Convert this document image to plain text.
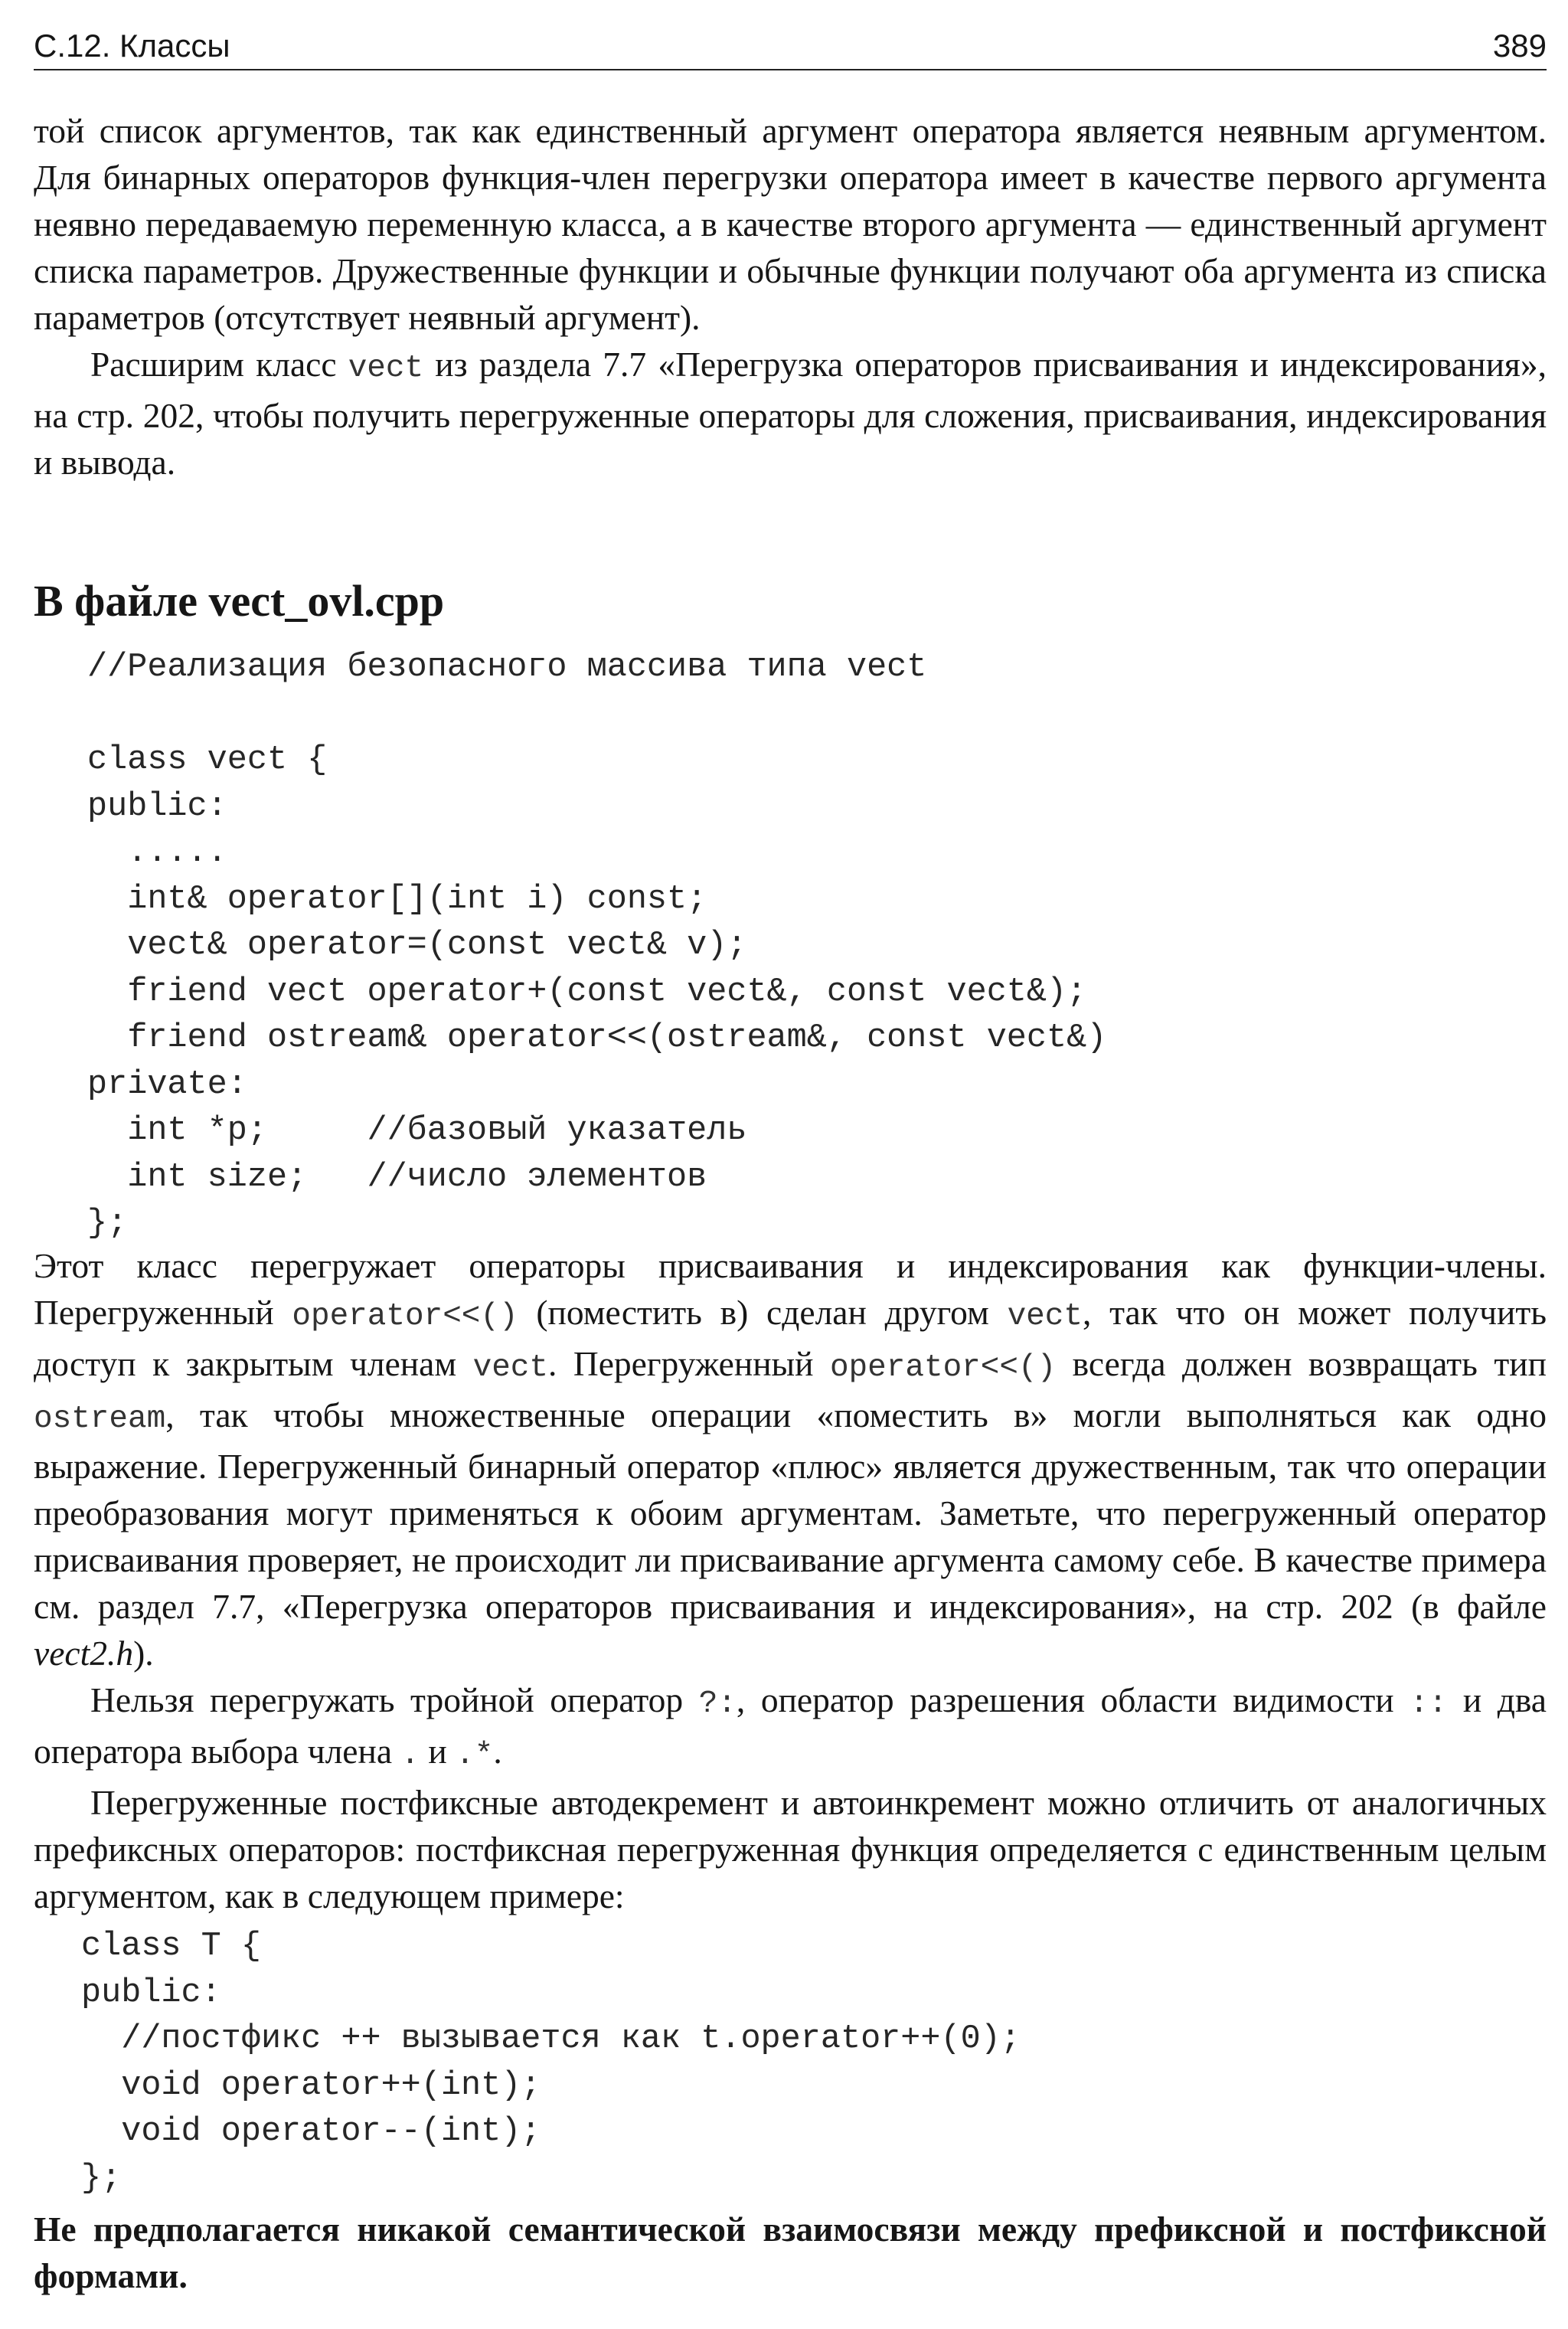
С.12. Классы	389

той список аргументов, так как единственный аргумент оператора является неявным аргументом. Для бинарных операторов функция-член перегрузки оператора имеет в качестве первого аргумента неявно передаваемую переменную класса, а в качестве второго аргумента — единственный аргумент списка параметров. Дружественные функции и обычные функции получают оба аргумента из списка параметров (отсутствует неявный аргумент).

Расширим класс vect из раздела 7.7 «Перегрузка операторов присваивания и индексирования», на стр. 202, чтобы получить перегруженные операторы для сложения, присваивания, индексирования и вывода.

В файле vect_ovl.cpp
//Реализация безопасного массива типа vect

class vect {
public:
.....
int& operator[](int i) const;
vect& operator=(const vect& v);
friend vect operator+(const vect&, const vect&);
friend ostream& operator<<(ostream&, const vect&)
private:
int *p;     //базовый указатель
int size;   //число элементов
};

Этот класс перегружает операторы присваивания и индексирования как функции-члены. Перегруженный operator<<() (поместить в) сделан другом vect, так что он может получить доступ к закрытым членам vect. Перегруженный operator<<() всегда должен возвращать тип ostream, так чтобы множественные операции «поместить в» могли выполняться как одно выражение. Перегруженный бинарный оператор «плюс» является дружественным, так что операции преобразования могут применяться к обоим аргументам. Заметьте, что перегруженный оператор присваивания проверяет, не происходит ли присваивание аргумента самому себе. В качестве примера см. раздел 7.7, «Перегрузка операторов присваивания и индексирования», на стр. 202 (в файле vect2.h).

Нельзя перегружать тройной оператор ?:, оператор разрешения области видимости :: и два оператора выбора члена . и .*.

Перегруженные постфиксные автодекремент и автоинкремент можно отличить от аналогичных префиксных операторов: постфиксная перегруженная функция определяется с единственным целым аргументом, как в следующем примере:

class T {
public:
//постфикс ++ вызывается как t.operator++(0);
void operator++(int);
void operator--(int);
};

Не предполагается никакой семантической взаимосвязи между префиксной и постфиксной формами.
